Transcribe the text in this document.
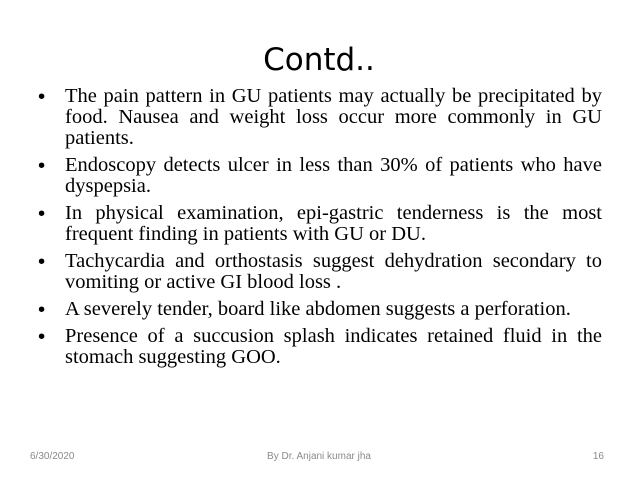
Contd..
• The pain pattern in GU patients may actually be precipitated by food. Nausea and weight loss occur more commonly in GU patients.
• Endoscopy detects ulcer in less than 30% of patients who have dyspepsia.
• In physical examination, epi-gastric tenderness is the most frequent finding in patients with GU or DU.
• Tachycardia and orthostasis suggest dehydration secondary to vomiting or active GI blood loss .
• A severely tender, board like abdomen suggests a perforation.
• Presence of a succusion splash indicates retained fluid in the stomach suggesting GOO.
By Dr. Anjani kumar jha
6/30/2020	16
